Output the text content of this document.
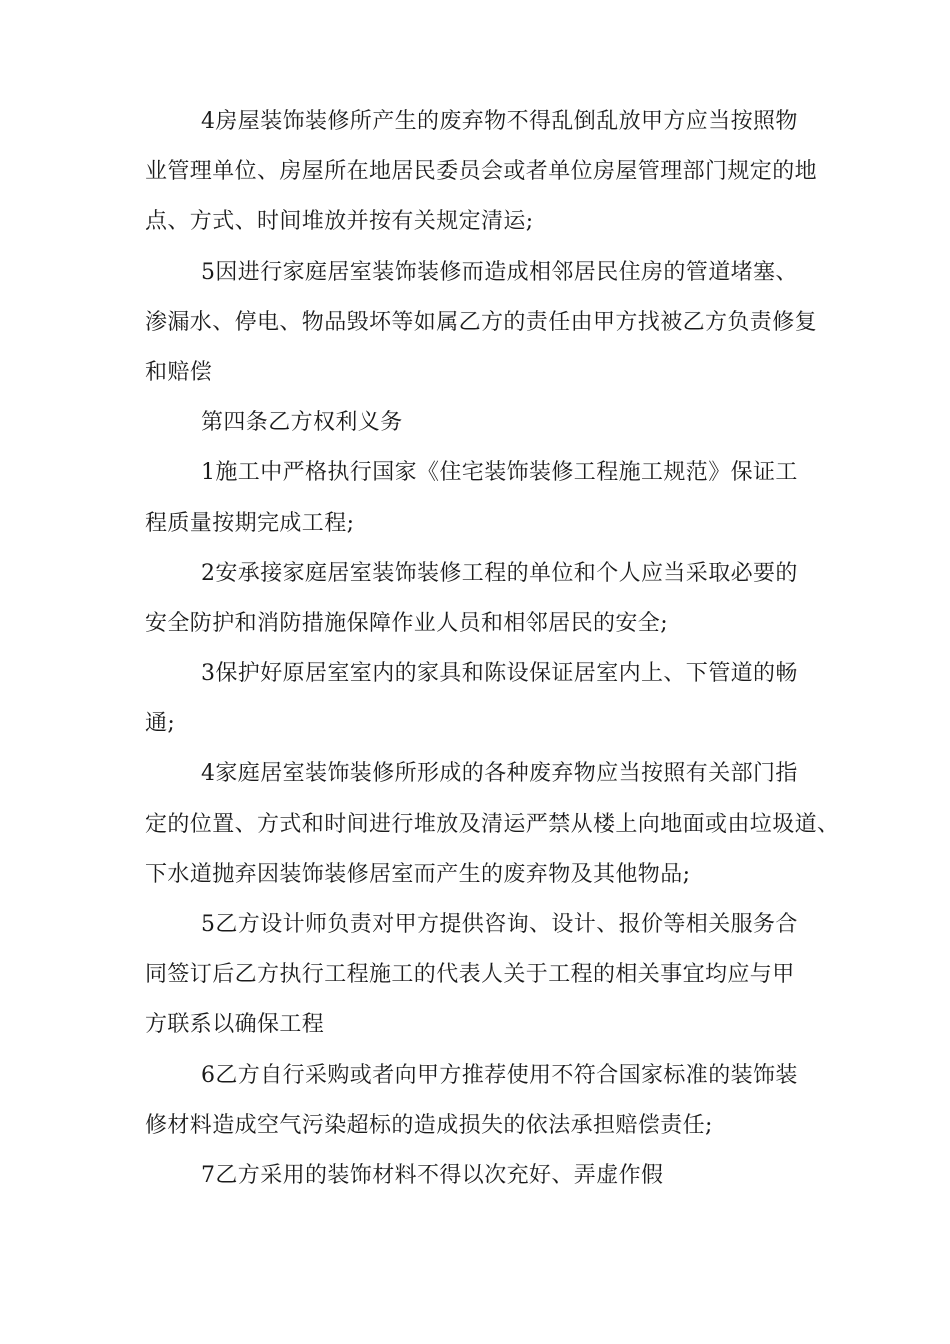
4房屋装饰装修所产生的废弃物不得乱倒乱放甲方应当按照物
业管理单位、房屋所在地居民委员会或者单位房屋管理部门规定的地
点、方式、时间堆放并按有关规定清运;
5因进行家庭居室装饰装修而造成相邻居民住房的管道堵塞、
渗漏水、停电、物品毁坏等如属乙方的责任由甲方找被乙方负责修复
和赔偿
第四条乙方权利义务
1施工中严格执行国家《住宅装饰装修工程施工规范》保证工
程质量按期完成工程;
2安承接家庭居室装饰装修工程的单位和个人应当采取必要的
安全防护和消防措施保障作业人员和相邻居民的安全;
3保护好原居室室内的家具和陈设保证居室内上、下管道的畅
通;
4家庭居室装饰装修所形成的各种废弃物应当按照有关部门指
定的位置、方式和时间进行堆放及清运严禁从楼上向地面或由垃圾道、
下水道抛弃因装饰装修居室而产生的废弃物及其他物品;
5乙方设计师负责对甲方提供咨询、设计、报价等相关服务合
同签订后乙方执行工程施工的代表人关于工程的相关事宜均应与甲
方联系以确保工程
6乙方自行采购或者向甲方推荐使用不符合国家标准的装饰装
修材料造成空气污染超标的造成损失的依法承担赔偿责任;
7乙方采用的装饰材料不得以次充好、弄虚作假
